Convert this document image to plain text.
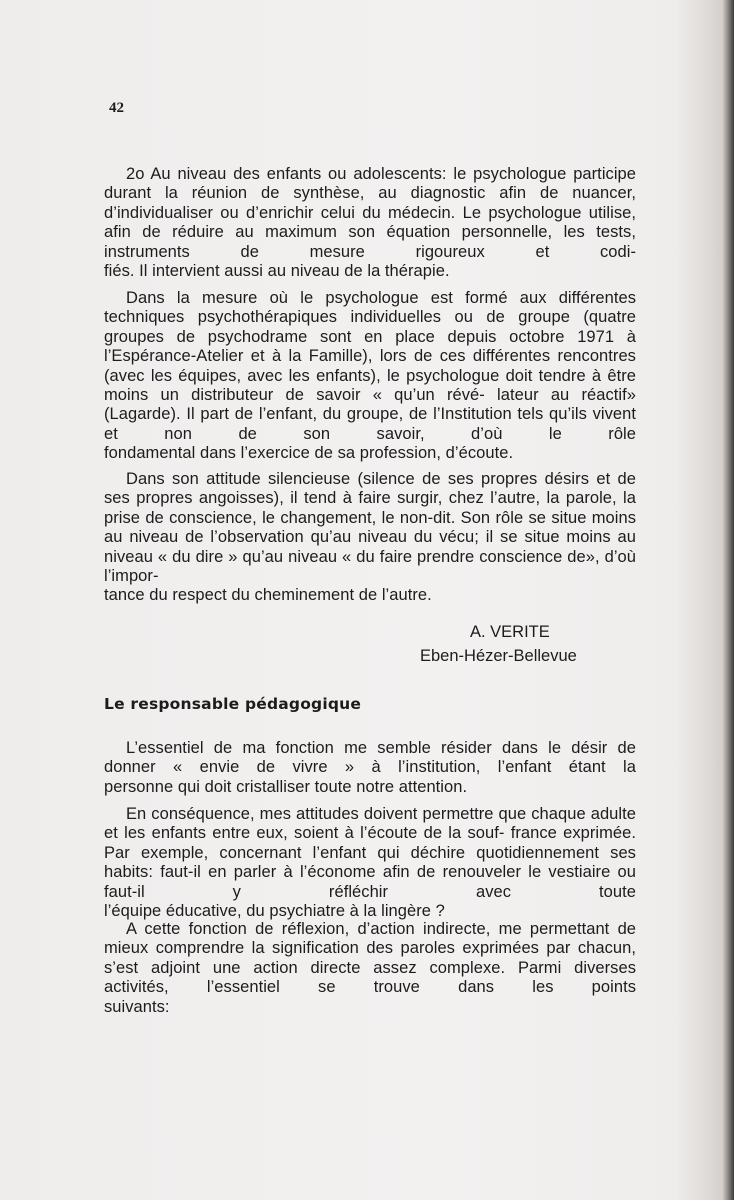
42

2o Au niveau des enfants ou adolescents: le psychologue participe durant la réunion de synthèse, au diagnostic afin de nuancer, d’individualiser ou d’enrichir celui du médecin. Le psychologue utilise, afin de réduire au maximum son équation personnelle, les tests, instruments de mesure rigoureux et codi-
fiés. Il intervient aussi au niveau de la thérapie.

Dans la mesure où le psychologue est formé aux différentes techniques psychothérapiques individuelles ou de groupe (quatre groupes de psychodrame sont en place depuis octobre 1971 à l’Espérance-Atelier et à la Famille), lors de ces différentes rencontres (avec les équipes, avec les enfants), le psychologue doit tendre à être moins un distributeur de savoir « qu’un révé- lateur au réactif» (Lagarde). Il part de l’enfant, du groupe, de l’Institution tels qu’ils vivent et non de son savoir, d’où le rôle
fondamental dans l’exercice de sa profession, d’écoute.

Dans son attitude silencieuse (silence de ses propres désirs et de ses propres angoisses), il tend à faire surgir, chez l’autre, la parole, la prise de conscience, le changement, le non-dit. Son rôle se situe moins au niveau de l’observation qu’au niveau du vécu; il se situe moins au niveau « du dire » qu’au niveau « du faire prendre conscience de», d’où l’impor-
tance du respect du cheminement de l’autre.

A. VERITE

Eben-Hézer-Bellevue

Le responsable pédagogique

L’essentiel de ma fonction me semble résider dans le désir de donner « envie de vivre » à l’institution, l’enfant étant la
personne qui doit cristalliser toute notre attention.

En conséquence, mes attitudes doivent permettre que chaque adulte et les enfants entre eux, soient à l’écoute de la souf- france exprimée. Par exemple, concernant l’enfant qui déchire quotidiennement ses habits: faut-il en parler à l’économe afin de renouveler le vestiaire ou faut-il y réfléchir avec toute
l’équipe éducative, du psychiatre à la lingère ?

A cette fonction de réflexion, d’action indirecte, me permettant de mieux comprendre la signification des paroles exprimées par chacun, s’est adjoint une action directe assez complexe. Parmi diverses activités, l’essentiel se trouve dans les points
suivants:
